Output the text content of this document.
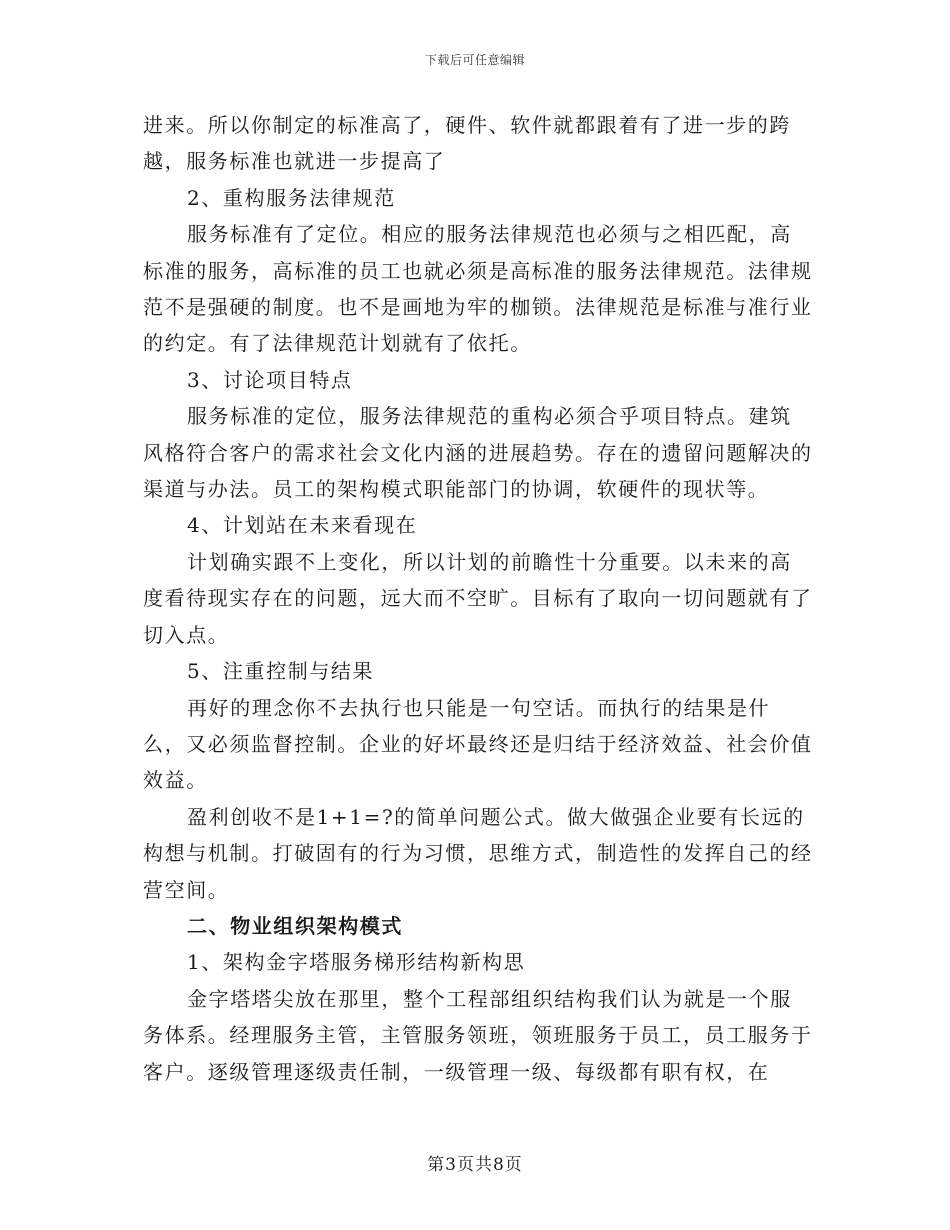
下载后可任意编辑

进来。所以你制定的标准高了，硬件、软件就都跟着有了进一步的跨越，服务标准也就进一步提高了

2、重构服务法律规范

服务标准有了定位。相应的服务法律规范也必须与之相匹配，高标准的服务，高标准的员工也就必须是高标准的服务法律规范。法律规范不是强硬的制度。也不是画地为牢的枷锁。法律规范是标准与准行业的约定。有了法律规范计划就有了依托。

3、讨论项目特点

服务标准的定位，服务法律规范的重构必须合乎项目特点。建筑风格符合客户的需求社会文化内涵的进展趋势。存在的遗留问题解决的渠道与办法。员工的架构模式职能部门的协调，软硬件的现状等。

4、计划站在未来看现在

计划确实跟不上变化，所以计划的前瞻性十分重要。以未来的高度看待现实存在的问题，远大而不空旷。目标有了取向一切问题就有了切入点。

5、注重控制与结果

再好的理念你不去执行也只能是一句空话。而执行的结果是什么，又必须监督控制。企业的好坏最终还是归结于经济效益、社会价值效益。

盈利创收不是1+1=?的简单问题公式。做大做强企业要有长远的构想与机制。打破固有的行为习惯，思维方式，制造性的发挥自己的经营空间。

二、物业组织架构模式

1、架构金字塔服务梯形结构新构思

金字塔塔尖放在那里，整个工程部组织结构我们认为就是一个服务体系。经理服务主管，主管服务领班，领班服务于员工，员工服务于客户。逐级管理逐级责任制，一级管理一级、每级都有职有权，在

第3页共8页
